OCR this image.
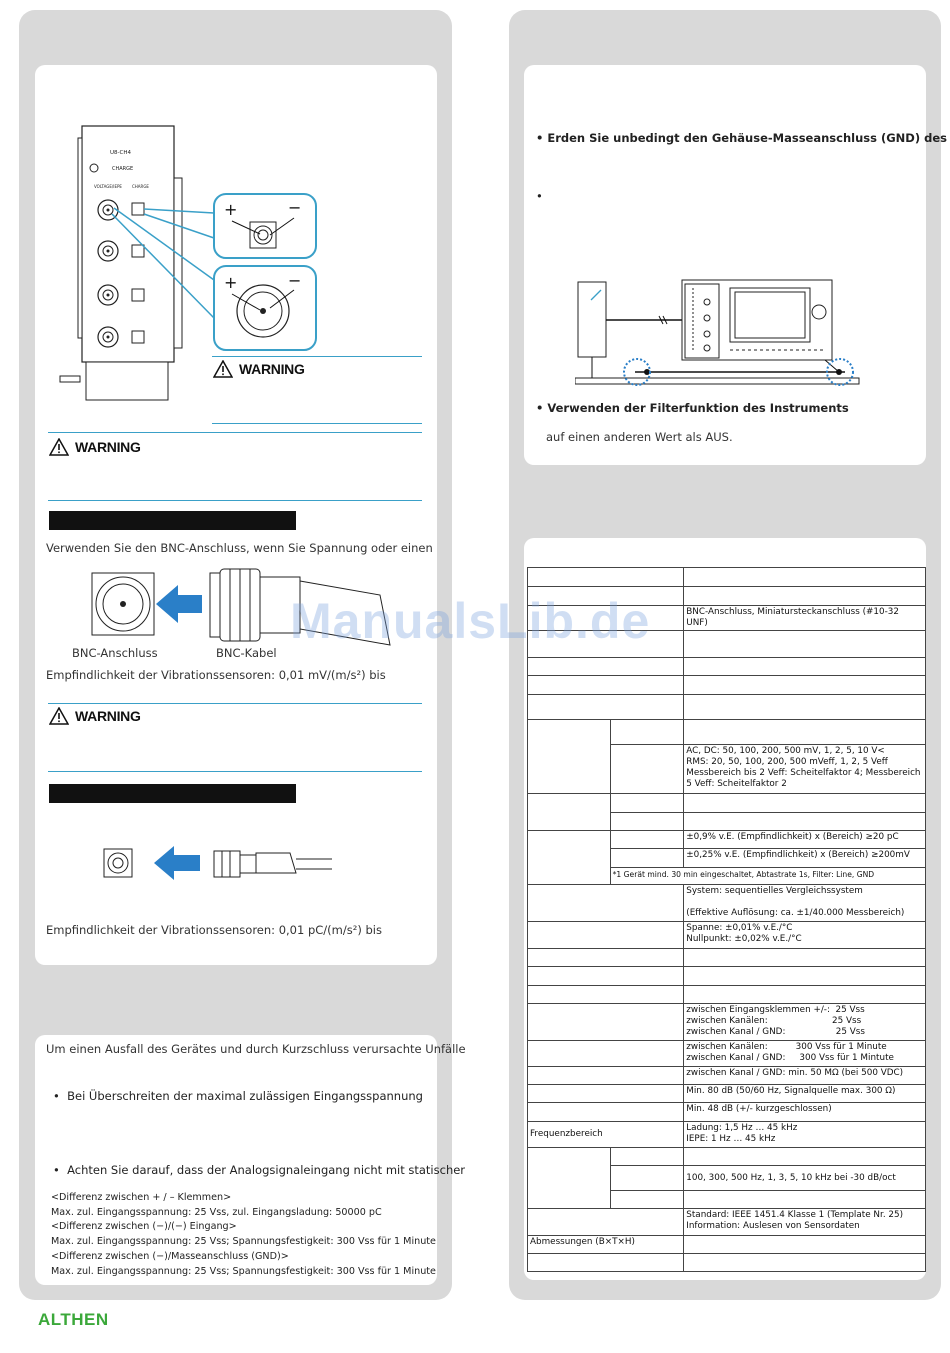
U8-CH4
CHARGE
VOLTAGE/IEPE	CHARGE
+	−
+	−
WARNING
WARNING
Verwenden Sie den BNC-Anschluss, wenn Sie Spannung oder einen
BNC-Anschluss	BNC-Kabel
Empfindlichkeit der Vibrationssensoren: 0,01 mV/(m/s²) bis
WARNING
Empfindlichkeit der Vibrationssensoren: 0,01 pC/(m/s²) bis
Um einen Ausfall des Gerätes und durch Kurzschluss verursachte Unfälle
•  Bei Überschreiten der maximal zulässigen Eingangsspannung
•  Achten Sie darauf, dass der Analogsignaleingang nicht mit statischer
<Differenz zwischen + / – Klemmen>
Max. zul. Eingangsspannung: 25 Vss, zul. Eingangsladung: 50000 pC
<Differenz zwischen (−)/(−) Eingang>
Max. zul. Eingangsspannung: 25 Vss; Spannungsfestigkeit: 300 Vss für 1 Minute
<Differenz zwischen (−)/Masseanschluss (GND)>
Max. zul. Eingangsspannung: 25 Vss; Spannungsfestigkeit: 300 Vss für 1 Minute
• Erden Sie unbedingt den Gehäuse-Masseanschluss (GND) des
•
• Verwenden der Filterfunktion des Instruments
auf einen anderen Wert als AUS.

		BNC-Anschluss, Miniatursteckanschluss (#10-32 UNF)

		AC, DC: 50, 100, 200, 500 mV, 1, 2, 5, 10 V<
RMS: 20, 50, 100, 200, 500 mVeff, 1, 2, 5 Veff
Messbereich bis 2 Veff: Scheitelfaktor 4; Messbereich 5 Veff: Scheitelfaktor 2

		±0,9% v.E. (Empfindlichkeit) x (Bereich) ≥20 pC
		±0,25% v.E. (Empfindlichkeit) x (Bereich) ≥200mV
	*1 Gerät mind. 30 min eingeschaltet, Abtastrate 1s, Filter: Line, GND	
		System: sequentielles Vergleichssystem

(Effektive Auflösung: ca. ±1/40.000 Messbereich)
		Spanne: ±0,01% v.E./°C
Nullpunkt: ±0,02% v.E./°C

		zwischen Eingangsklemmen +/-:  25 Vss
zwischen Kanälen:                       25 Vss
zwischen Kanal / GND:                  25 Vss
		zwischen Kanälen:          300 Vss für 1 Minute
zwischen Kanal / GND:     300 Vss für 1 Mintute
		zwischen Kanal / GND: min. 50 MΩ (bei 500 VDC)
		Min. 80 dB (50/60 Hz, Signalquelle max. 300 Ω)
		Min. 48 dB (+/- kurzgeschlossen)
Frequenzbereich		Ladung: 1,5 Hz … 45 kHz
IEPE: 1 Hz … 45 kHz

		100, 300, 500 Hz, 1, 3, 5, 10 kHz bei -30 dB/oct

		Standard: IEEE 1451.4 Klasse 1 (Template Nr. 25)
Information: Auslesen von Sensordaten
Abmessungen (B×T×H)		

ManualsLib.de
ALTHEN
